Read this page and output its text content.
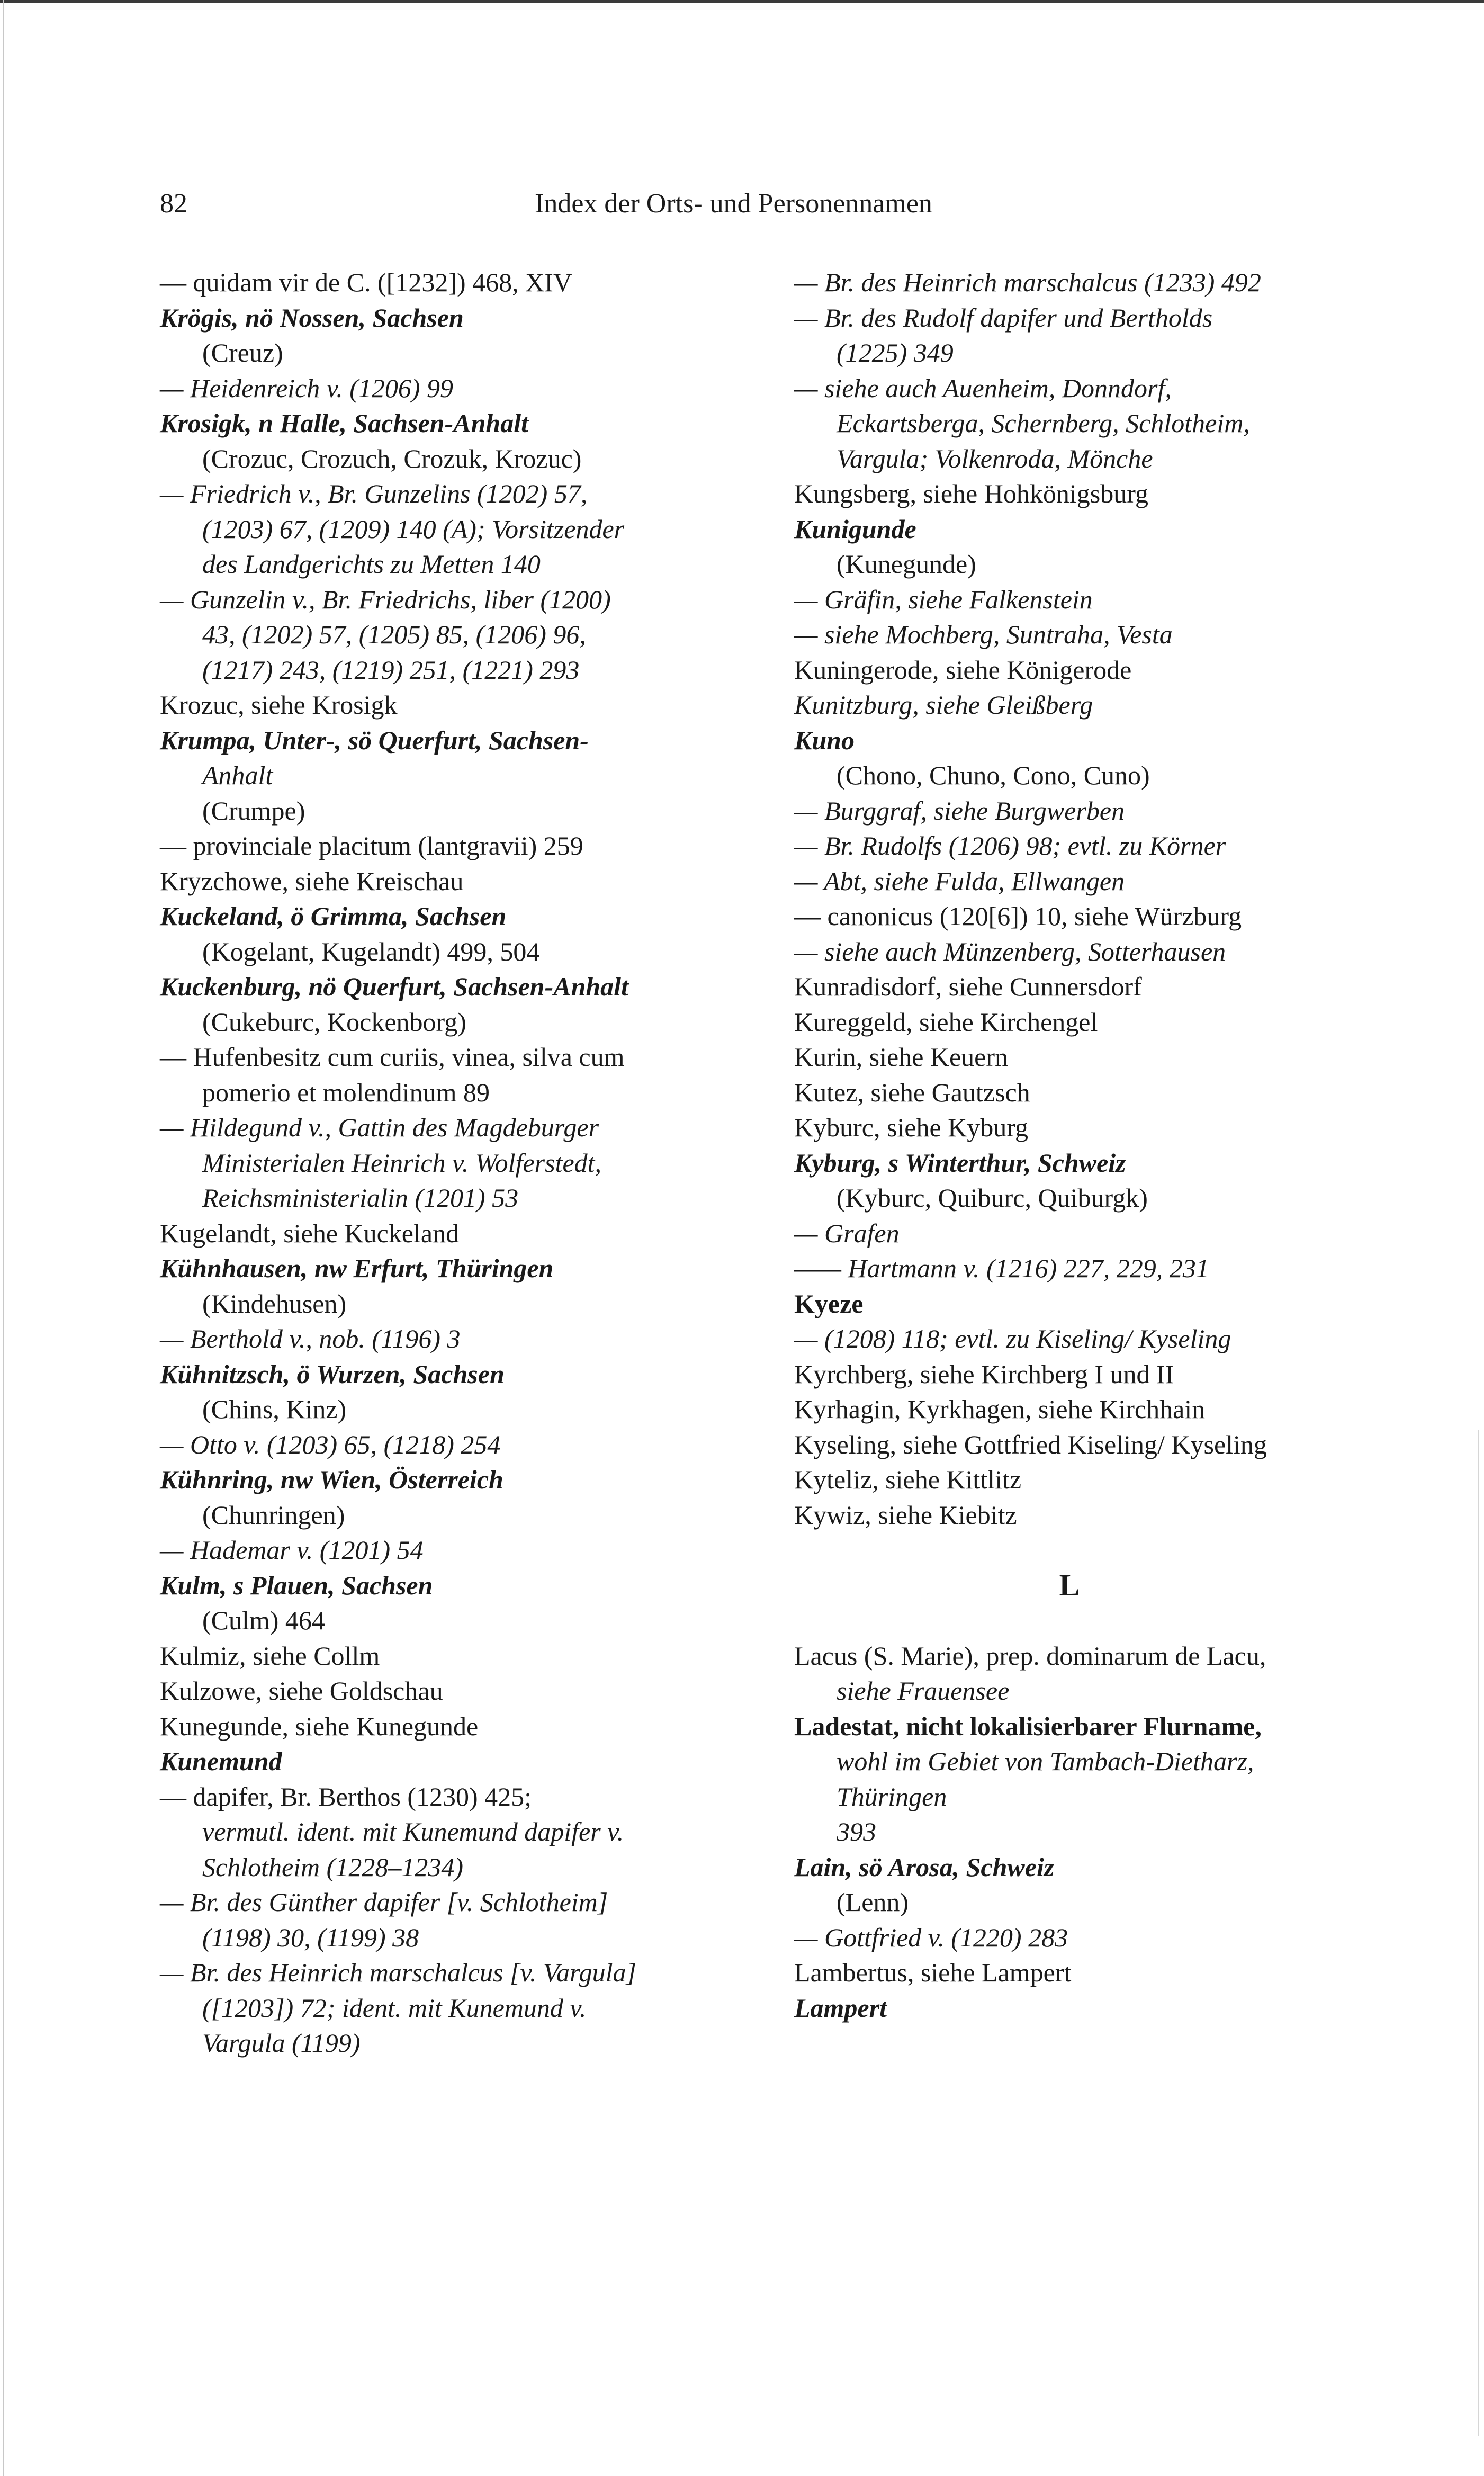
82	Index der Orts- und Personennamen
— quidam vir de C. ([1232]) 468, XIV
Krögis, nö Nossen, Sachsen
(Creuz)
— Heidenreich v. (1206) 99
Krosigk, n Halle, Sachsen-Anhalt
(Crozuc, Crozuch, Crozuk, Krozuc)
— Friedrich v., Br. Gunzelins (1202) 57,
(1203) 67, (1209) 140 (A); Vorsitzender
des Landgerichts zu Metten 140
— Gunzelin v., Br. Friedrichs, liber (1200)
43, (1202) 57, (1205) 85, (1206) 96,
(1217) 243, (1219) 251, (1221) 293
Krozuc, siehe Krosigk
Krumpa, Unter-, sö Querfurt, Sachsen-
Anhalt
(Crumpe)
— provinciale placitum (lantgravii) 259
Kryzchowe, siehe Kreischau
Kuckeland, ö Grimma, Sachsen
(Kogelant, Kugelandt) 499, 504
Kuckenburg, nö Querfurt, Sachsen-Anhalt
(Cukeburc, Kockenborg)
— Hufenbesitz cum curiis, vinea, silva cum
pomerio et molendinum 89
— Hildegund v., Gattin des Magdeburger
Ministerialen Heinrich v. Wolferstedt,
Reichsministerialin (1201) 53
Kugelandt, siehe Kuckeland
Kühnhausen, nw Erfurt, Thüringen
(Kindehusen)
— Berthold v., nob. (1196) 3
Kühnitzsch, ö Wurzen, Sachsen
(Chins, Kinz)
— Otto v. (1203) 65, (1218) 254
Kühnring, nw Wien, Österreich
(Chunringen)
— Hademar v. (1201) 54
Kulm, s Plauen, Sachsen
(Culm) 464
Kulmiz, siehe Collm
Kulzowe, siehe Goldschau
Kunegunde, siehe Kunegunde
Kunemund
— dapifer, Br. Berthos (1230) 425;
vermutl. ident. mit Kunemund dapifer v.
Schlotheim (1228–1234)
— Br. des Günther dapifer [v. Schlotheim]
(1198) 30, (1199) 38
— Br. des Heinrich marschalcus [v. Vargula]
([1203]) 72; ident. mit Kunemund v.
Vargula (1199)
— Br. des Heinrich marschalcus (1233) 492
— Br. des Rudolf dapifer und Bertholds
(1225) 349
— siehe auch Auenheim, Donndorf,
Eckartsberga, Schernberg, Schlotheim,
Vargula; Volkenroda, Mönche
Kungsberg, siehe Hohkönigsburg
Kunigunde
(Kunegunde)
— Gräfin, siehe Falkenstein
— siehe Mochberg, Suntraha, Vesta
Kuningerode, siehe Königerode
Kunitzburg, siehe Gleißberg
Kuno
(Chono, Chuno, Cono, Cuno)
— Burggraf, siehe Burgwerben
— Br. Rudolfs (1206) 98; evtl. zu Körner
— Abt, siehe Fulda, Ellwangen
— canonicus (120[6]) 10, siehe Würzburg
— siehe auch Münzenberg, Sotterhausen
Kunradisdorf, siehe Cunnersdorf
Kureggeld, siehe Kirchengel
Kurin, siehe Keuern
Kutez, siehe Gautzsch
Kyburc, siehe Kyburg
Kyburg, s Winterthur, Schweiz
(Kyburc, Quiburc, Quiburgk)
— Grafen
—— Hartmann v. (1216) 227, 229, 231
Kyeze
— (1208) 118; evtl. zu Kiseling/ Kyseling
Kyrchberg, siehe Kirchberg I und II
Kyrhagin, Kyrkhagen, siehe Kirchhain
Kyseling, siehe Gottfried Kiseling/ Kyseling
Kyteliz, siehe Kittlitz
Kywiz, siehe Kiebitz
L
Lacus (S. Marie), prep. dominarum de Lacu,
siehe Frauensee
Ladestat, nicht lokalisierbarer Flurname,
wohl im Gebiet von Tambach-Dietharz,
Thüringen
393
Lain, sö Arosa, Schweiz
(Lenn)
— Gottfried v. (1220) 283
Lambertus, siehe Lampert
Lampert
